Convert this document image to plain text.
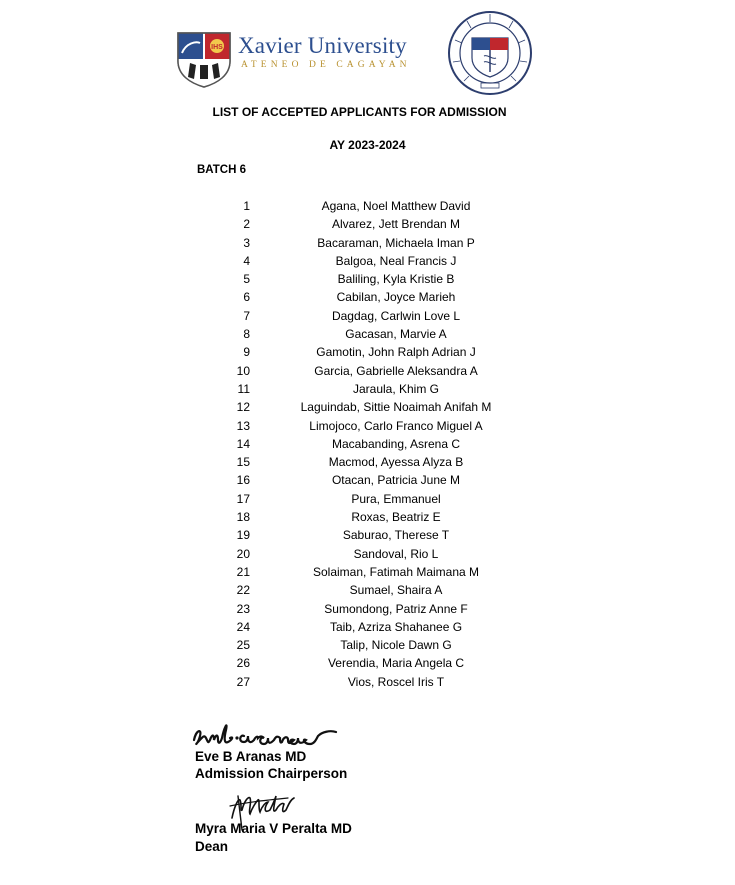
IHS Xavier University
ATENEO DE CAGAYAN
LIST OF ACCEPTED APPLICANTS FOR ADMISSION
AY 2023-2024
BATCH 6
1	Agana, Noel Matthew David
2	Alvarez, Jett Brendan M
3	Bacaraman, Michaela Iman P
4	Balgoa, Neal Francis J
5	Baliling, Kyla Kristie B
6	Cabilan, Joyce Marieh
7	Dagdag, Carlwin Love L
8	Gacasan, Marvie A
9	Gamotin, John Ralph Adrian J
10	Garcia, Gabrielle Aleksandra A
11	Jaraula, Khim G
12	Laguindab, Sittie Noaimah Anifah M
13	Limojoco, Carlo Franco Miguel A
14	Macabanding, Asrena C
15	Macmod, Ayessa Alyza B
16	Otacan, Patricia June M
17	Pura, Emmanuel
18	Roxas, Beatriz E
19	Saburao, Therese T
20	Sandoval, Rio L
21	Solaiman, Fatimah Maimana M
22	Sumael, Shaira A
23	Sumondong, Patriz Anne F
24	Taib, Azriza Shahanee G
25	Talip, Nicole Dawn G
26	Verendia, Maria Angela C
27	Vios, Roscel Iris T
Eve B Aranas MD
Admission Chairperson
Myra Maria V Peralta MD
Dean
